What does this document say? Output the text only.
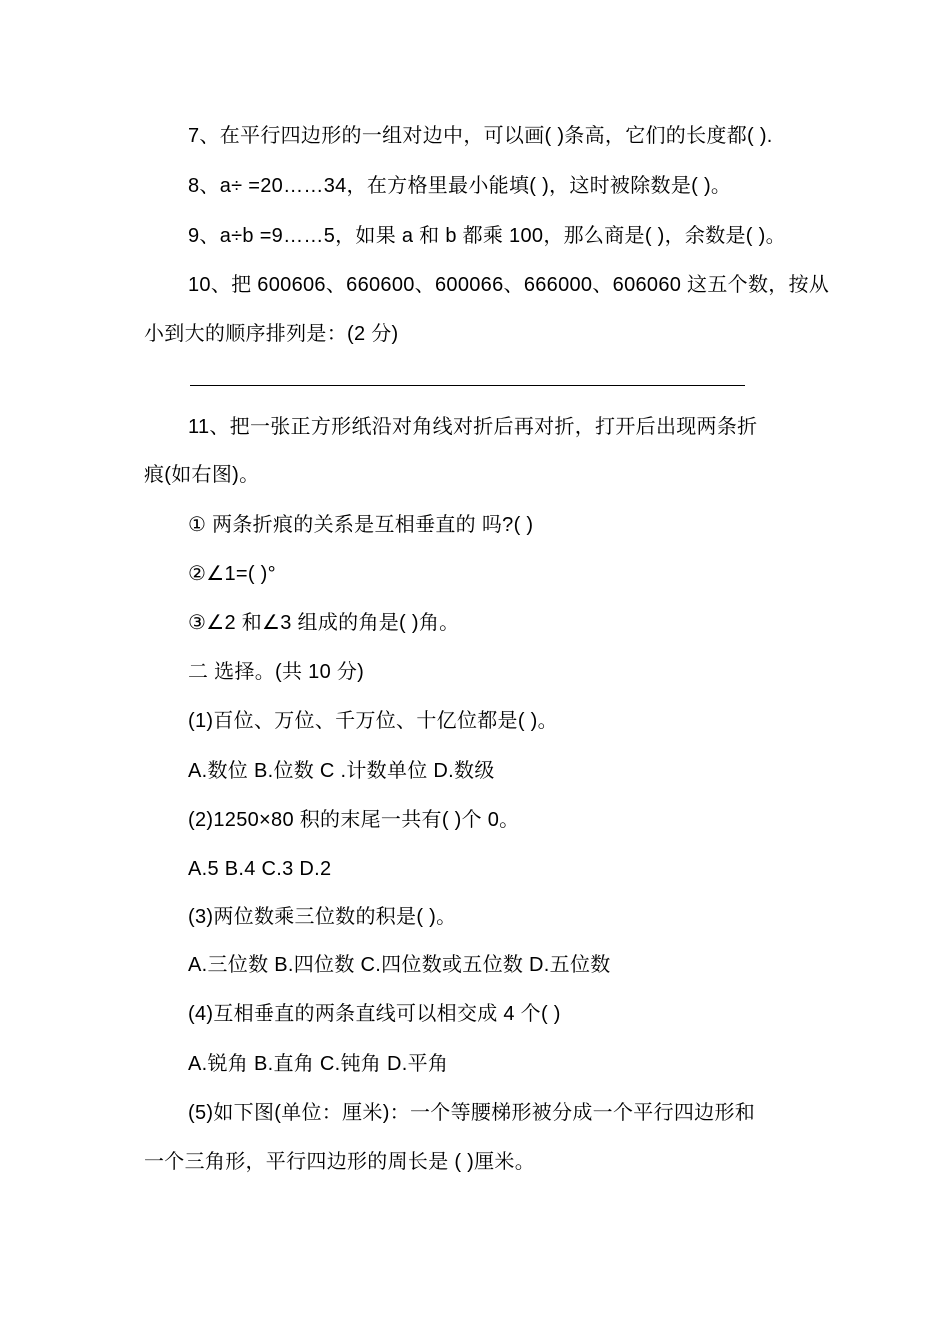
7、在平行四边形的一组对边中，可以画( )条高，它们的长度都( ).
8、a÷ =20……34，在方格里最小能填( )，这时被除数是( )。
9、a÷b =9……5，如果 a 和 b 都乘 100，那么商是( )，余数是( )。
10、把 600606、660600、600066、666000、606060 这五个数，按从
小到大的顺序排列是：(2 分)
11、把一张正方形纸沿对角线对折后再对折，打开后出现两条折
痕(如右图)。
① 两条折痕的关系是互相垂直的 吗?( )
②∠1=( )°
③∠2 和∠3 组成的角是( )角。
二 选择。(共 10 分)
(1)百位、万位、千万位、十亿位都是( )。
A.数位 B.位数 C .计数单位 D.数级
(2)1250×80 积的末尾一共有( )个 0。
A.5 B.4 C.3 D.2
(3)两位数乘三位数的积是( )。
A.三位数 B.四位数 C.四位数或五位数 D.五位数
(4)互相垂直的两条直线可以相交成 4 个( )
A.锐角 B.直角 C.钝角 D.平角
(5)如下图(单位：厘米)：一个等腰梯形被分成一个平行四边形和
一个三角形，平行四边形的周长是 ( )厘米。
